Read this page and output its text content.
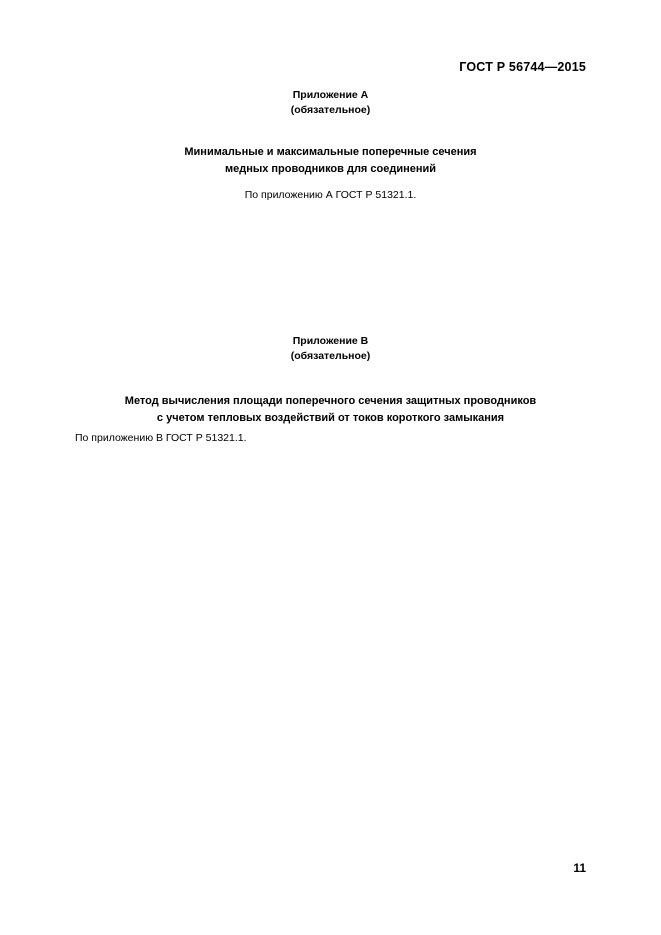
ГОСТ Р 56744—2015
Приложение А
(обязательное)
Минимальные и максимальные поперечные сечения
медных проводников для соединений
По приложению А ГОСТ Р 51321.1.
Приложение В
(обязательное)
Метод вычисления площади поперечного сечения защитных проводников
с учетом тепловых воздействий от токов короткого замыкания
По приложению В ГОСТ Р 51321.1.
11
